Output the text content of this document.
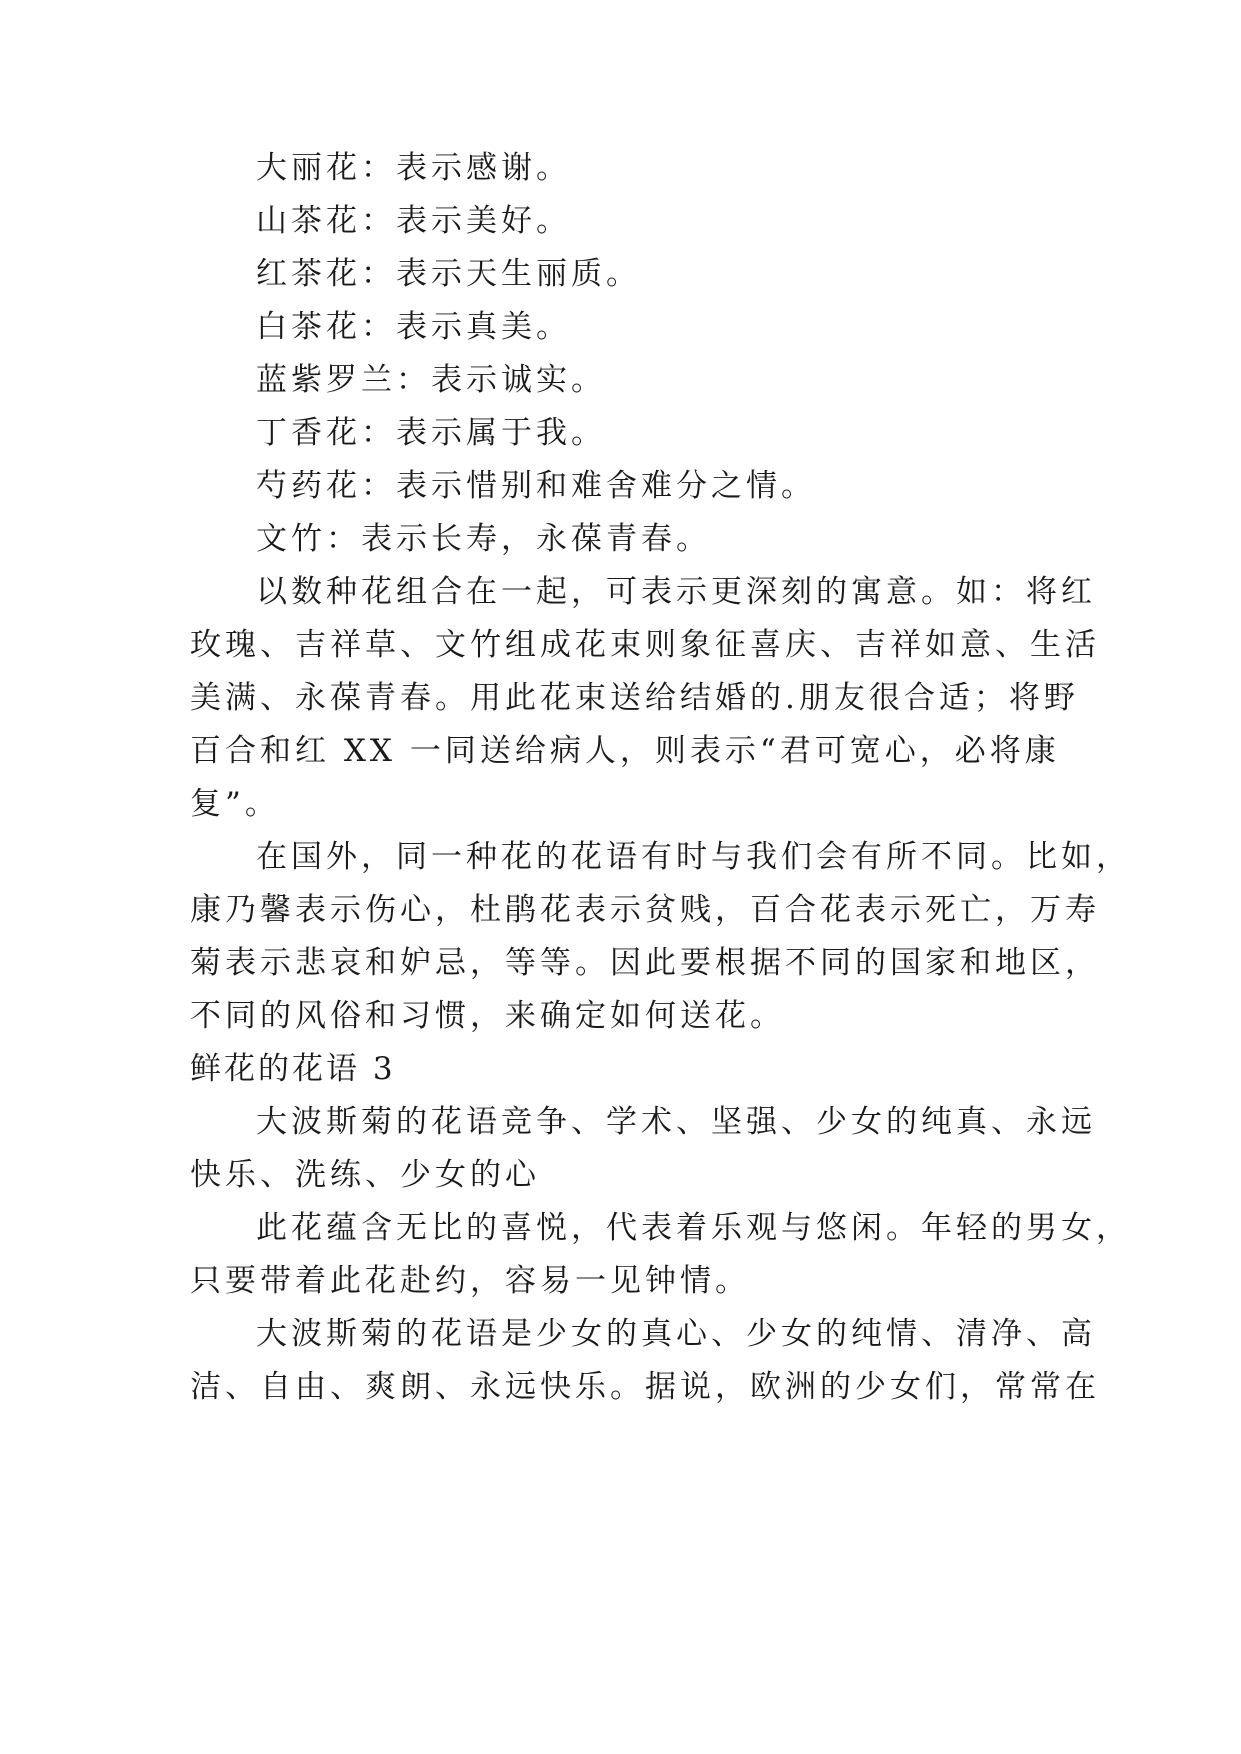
大丽花：表示感谢。
山茶花：表示美好。
红茶花：表示天生丽质。
白茶花：表示真美。
蓝紫罗兰：表示诚实。
丁香花：表示属于我。
芍药花：表示惜别和难舍难分之情。
文竹：表示长寿，永葆青春。
以数种花组合在一起，可表示更深刻的寓意。如：将红
玫瑰、吉祥草、文竹组成花束则象征喜庆、吉祥如意、生活
美满、永葆青春。用此花束送给结婚的.朋友很合适；将野
百合和红 XX 一同送给病人，则表示“君可宽心，必将康
复”。
在国外，同一种花的花语有时与我们会有所不同。比如，
康乃馨表示伤心，杜鹃花表示贫贱，百合花表示死亡，万寿
菊表示悲哀和妒忌，等等。因此要根据不同的国家和地区，
不同的风俗和习惯，来确定如何送花。
鲜花的花语 3
大波斯菊的花语竞争、学术、坚强、少女的纯真、永远
快乐、洗练、少女的心
此花蕴含无比的喜悦，代表着乐观与悠闲。年轻的男女，
只要带着此花赴约，容易一见钟情。
大波斯菊的花语是少女的真心、少女的纯情、清净、高
洁、自由、爽朗、永远快乐。据说，欧洲的少女们，常常在
